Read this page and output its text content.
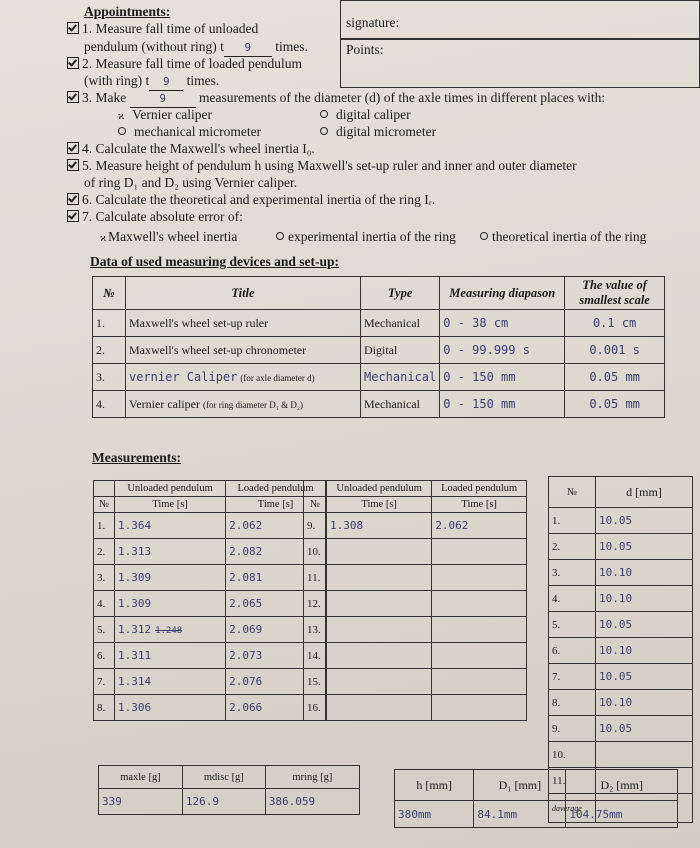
Appointments:
1. Measure fall time of unloaded
pendulum (without ring) t 9 times.
2. Measure fall time of loaded pendulum
(with ring) t 9 times.
3. Make	9 measurements of the diameter (d) of the axle times in different places with:
ϰ Vernier caliper	digital caliper
mechanical micrometer	digital micrometer
4. Calculate the Maxwell's wheel inertia I₀.
5. Measure height of pendulum h using Maxwell's set-up ruler and inner and outer diameter
of ring D₁ and D₂ using Vernier caliper.
6. Calculate the theoretical and experimental inertia of the ring Iᵣ.
7. Calculate absolute error of:
ϰ Maxwell's wheel inertia	experimental inertia of the ring	theoretical inertia of the ring
signature:
Points:
Data of used measuring devices and set-up:
№	Title	Type	Measuring diapason	The value of smallest scale
1.	Maxwell's wheel set-up ruler	Mechanical	0 - 38 cm	0.1 cm
2.	Maxwell's wheel set-up chronometer	Digital	0 - 99.999 s	0.001 s
3.	vernier Caliper (for axle diameter d)	Mechanical	0 - 150 mm	0.05 mm
4.	Vernier caliper (for ring diameter D₁ & D₂)	Mechanical	0 - 150 mm	0.05 mm
Measurements:
	Unloaded pendulum	Loaded pendulum
№	Time [s]	Time [s]
1.	1.364	2.062
2.	1.313	2.082
3.	1.309	2.081
4.	1.309	2.065
5.	1.312 1.248	2.069
6.	1.311	2.073
7.	1.314	2.076
8.	1.306	2.066
	Unloaded pendulum	Loaded pendulum
№	Time [s]	Time [s]
9.	1.308	2.062
10.		
11.		
12.		
13.		
14.		
15.		
16.		
№	d [mm]
1.	10.05
2.	10.05
3.	10.10
4.	10.10
5.	10.05
6.	10.10
7.	10.05
8.	10.10
9.	10.05
10.	
11.	
daverage	
maxle [g]	mdisc [g]	mring [g]
339	126.9	386.059
h [mm]	D₁ [mm]	D₂ [mm]
380mm	84.1mm	104.75mm
